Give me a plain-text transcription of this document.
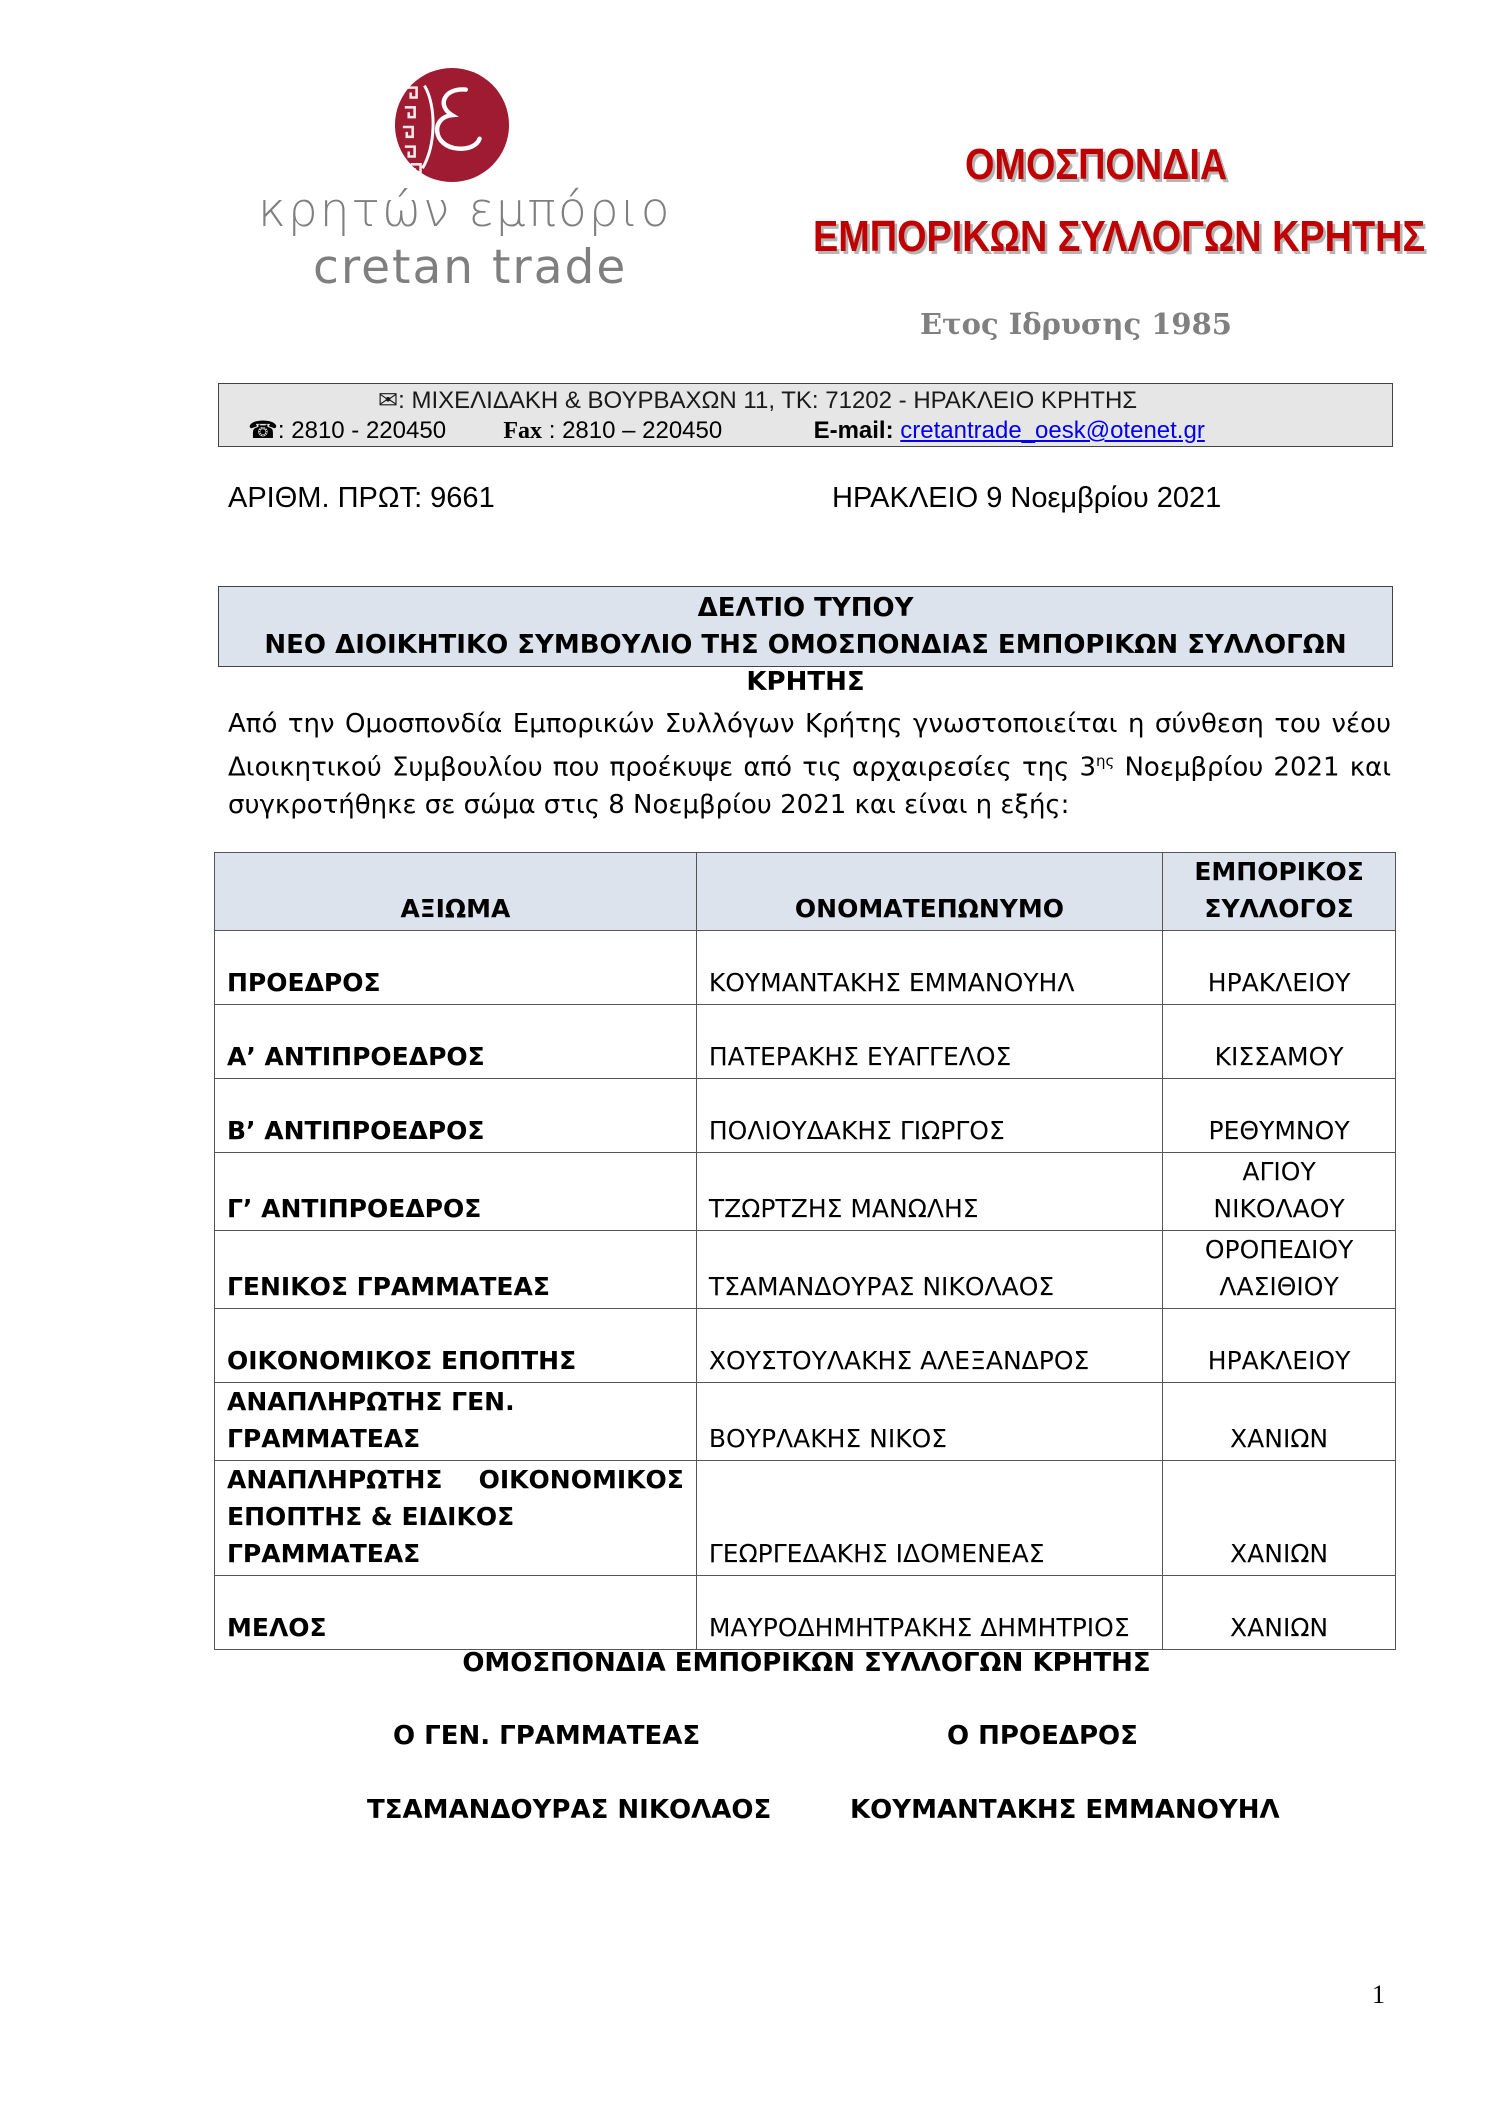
κρητών εμπόριο
cretan trade
ΟΜΟΣΠΟΝΔΙΑ
ΕΜΠΟΡΙΚΩΝ ΣΥΛΛΟΓΩΝ ΚΡΗΤΗΣ
Ετος Ιδρυσης 1985
✉: ΜΙΧΕΛΙΔΑΚΗ & ΒΟΥΡΒΑΧΩΝ 11, ΤΚ: 71202 - ΗΡΑΚΛΕΙΟ ΚΡΗΤΗΣ
☎: 2810 - 220450 Fax : 2810 – 220450	E-mail: cretantrade_oesk@otenet.gr
ΑΡΙΘΜ. ΠΡΩΤ: 9661	ΗΡΑΚΛΕΙΟ 9 Νοεμβρίου 2021
ΔΕΛΤΙΟ ΤΥΠΟΥ
ΝΕΟ ΔΙΟΙΚΗΤΙΚΟ ΣΥΜΒΟΥΛΙΟ ΤΗΣ ΟΜΟΣΠΟΝΔΙΑΣ ΕΜΠΟΡΙΚΩΝ ΣΥΛΛΟΓΩΝ ΚΡΗΤΗΣ
Από την Ομοσπονδία Εμπορικών Συλλόγων Κρήτης γνωστοποιείται η σύνθεση του νέου Διοικητικού Συμβουλίου που προέκυψε από τις αρχαιρεσίες της $3^{\eta\varsigma}$ Νοεμβρίου 2021 και συγκροτήθηκε σε σώμα στις 8 Νοεμβρίου 2021 και είναι η εξής:
ΑΞΙΩΜΑ	ΟΝΟΜΑΤΕΠΩΝΥΜΟ	ΕΜΠΟΡΙΚΟΣ
ΣΥΛΛΟΓΟΣ

ΠΡΟΕΔΡΟΣ	ΚΟΥΜΑΝΤΑΚΗΣ ΕΜΜΑΝΟΥΗΛ	ΗΡΑΚΛΕΙΟΥ
Α’ ΑΝΤΙΠΡΟΕΔΡΟΣ	ΠΑΤΕΡΑΚΗΣ ΕΥΑΓΓΕΛΟΣ	ΚΙΣΣΑΜΟΥ
Β’ ΑΝΤΙΠΡΟΕΔΡΟΣ	ΠΟΛΙΟΥΔΑΚΗΣ ΓΙΩΡΓΟΣ	ΡΕΘΥΜΝΟΥ
Γ’ ΑΝΤΙΠΡΟΕΔΡΟΣ	ΤΖΩΡΤΖΗΣ ΜΑΝΩΛΗΣ	ΑΓΙΟΥ
ΝΙΚΟΛΑΟΥ

ΓΕΝΙΚΟΣ ΓΡΑΜΜΑΤΕΑΣ	ΤΣΑΜΑΝΔΟΥΡΑΣ ΝΙΚΟΛΑΟΣ	ΟΡΟΠΕΔΙΟΥ
ΛΑΣΙΘΙΟΥ

ΟΙΚΟΝΟΜΙΚΟΣ ΕΠΟΠΤΗΣ	ΧΟΥΣΤΟΥΛΑΚΗΣ ΑΛΕΞΑΝΔΡΟΣ	ΗΡΑΚΛΕΙΟΥ
ΑΝΑΠΛΗΡΩΤΗΣ ΓΕΝ. ΓΡΑΜΜΑΤΕΑΣ	ΒΟΥΡΛΑΚΗΣ ΝΙΚΟΣ	ΧΑΝΙΩΝ

ΑΝΑΠΛΗΡΩΤΗΣ ΟΙΚΟΝΟΜΙΚΟΣ
ΕΠΟΠΤΗΣ & ΕΙΔΙΚΟΣ ΓΡΑΜΜΑΤΕΑΣ	ΓΕΩΡΓΕΔΑΚΗΣ ΙΔΟΜΕΝΕΑΣ	ΧΑΝΙΩΝ
ΜΕΛΟΣ	ΜΑΥΡΟΔΗΜΗΤΡΑΚΗΣ ΔΗΜΗΤΡΙΟΣ	ΧΑΝΙΩΝ
ΟΜΟΣΠΟΝΔΙΑ ΕΜΠΟΡΙΚΩΝ ΣΥΛΛΟΓΩΝ ΚΡΗΤΗΣ
Ο ΓΕΝ. ΓΡΑΜΜΑΤΕΑΣ	Ο ΠΡΟΕΔΡΟΣ
ΤΣΑΜΑΝΔΟΥΡΑΣ ΝΙΚΟΛΑΟΣ	ΚΟΥΜΑΝΤΑΚΗΣ ΕΜΜΑΝΟΥΗΛ
1
